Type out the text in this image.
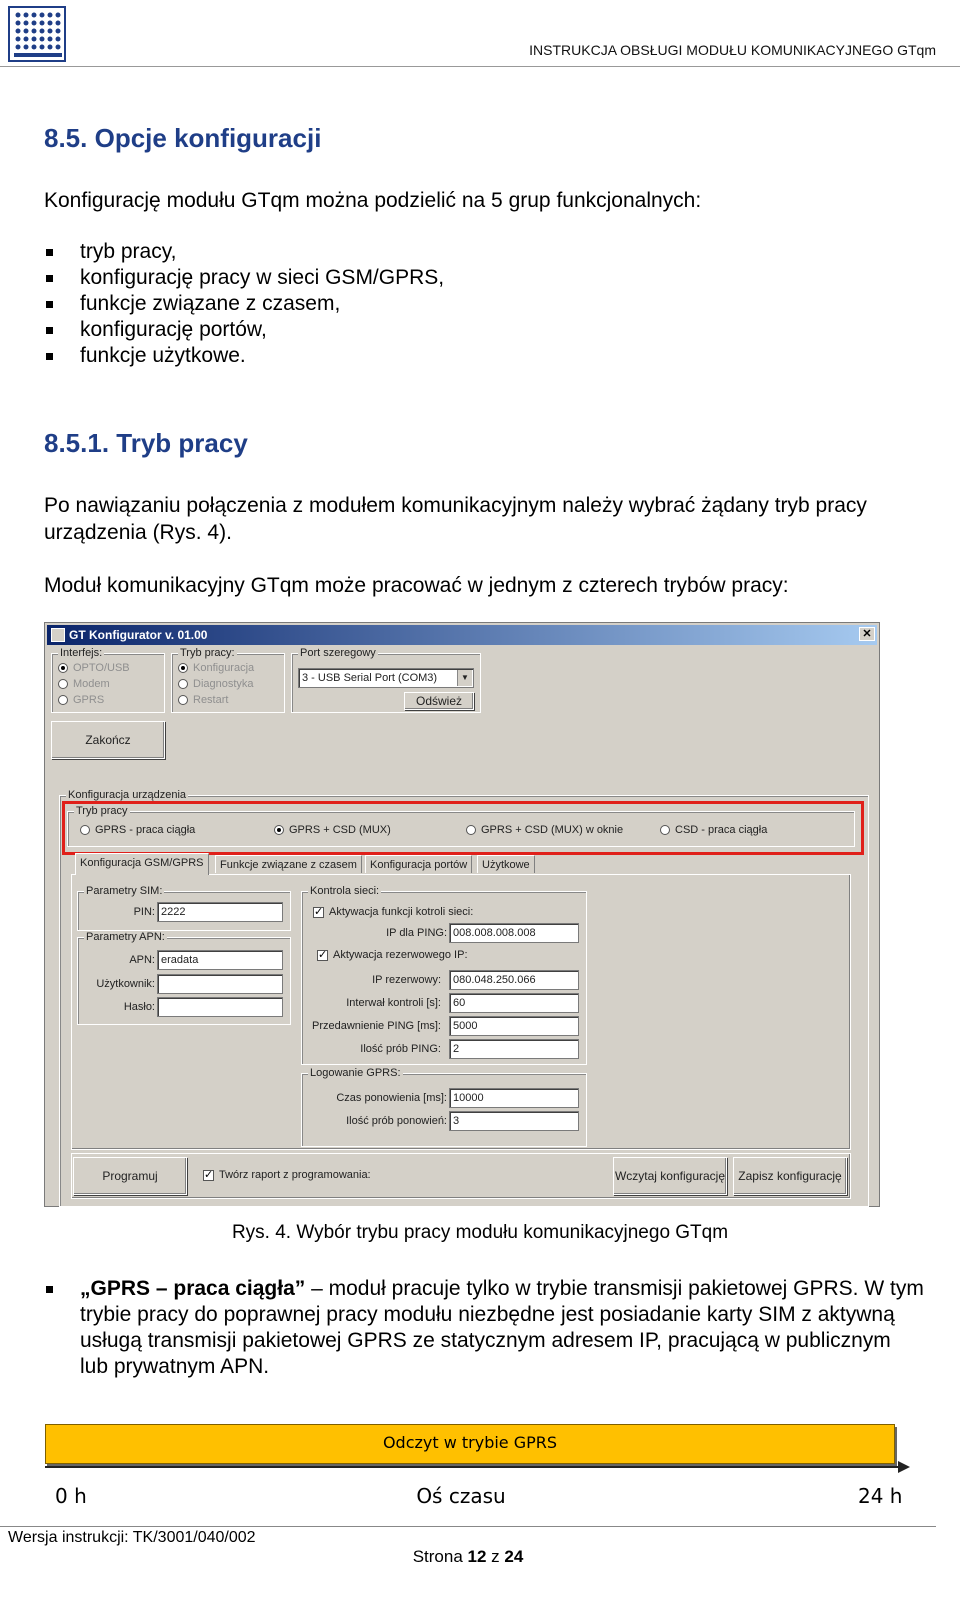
INSTRUKCJA OBSŁUGI MODUŁU KOMUNIKACYJNEGO GTqm
8.5. Opcje konfiguracji
Konfigurację modułu GTqm można podzielić na 5 grup funkcjonalnych:
tryb pracy,
konfigurację pracy w sieci GSM/GPRS,
funkcje związane z czasem,
konfigurację portów,
funkcje użytkowe.
8.5.1. Tryb pracy
Po nawiązaniu połączenia z modułem komunikacyjnym należy wybrać żądany tryb pracy urządzenia (Rys. 4).
Moduł komunikacyjny GTqm może pracować w jednym z czterech trybów pracy:
GT Konfigurator v. 01.00	✕
Interfejs:
OPTO/USB
Modem
GPRS
Tryb pracy:
Konfiguracja
Diagnostyka
Restart
Port szeregowy
3 - USB Serial Port (COM3)	▼
Odśwież
Zakończ
Konfiguracja urządzenia
Tryb pracy
GPRS - praca ciągła	GPRS + CSD (MUX)	GPRS + CSD (MUX) w oknie	CSD - praca ciągła
Konfiguracja GSM/GPRS	Funkcje związane z czasem	Konfiguracja portów	Użytkowe
Parametry SIM:
PIN: 2222
Parametry APN:
APN: eradata
Użytkownik:
Hasło:
Kontrola sieci:
✓
Aktywacja funkcji kotroli sieci:
IP dla PING: 008.008.008.008
✓
Aktywacja rezerwowego IP:
IP rezerwowy:	080.048.250.066
Interwał kontroli [s]:	60
Przedawnienie PING [ms]:	5000
Ilość prób PING:	2
Logowanie GPRS:
Czas ponowienia [ms]: 10000
Ilość prób ponowień: 3
Programuj ✓	Twórz raport z programowania:	Wczytaj konfigurację	Zapisz konfigurację
Rys. 4. Wybór trybu pracy modułu komunikacyjnego GTqm
„GPRS – praca ciągła” – moduł pracuje tylko w trybie transmisji pakietowej GPRS. W tym trybie pracy do poprawnej pracy modułu niezbędne jest posiadanie karty SIM z aktywną usługą transmisji pakietowej GPRS ze statycznym adresem IP, pracującą w publicznym lub prywatnym APN.
Odczyt w trybie GPRS
0 h	Oś czasu	24 h
Wersja instrukcji: TK/3001/040/002
Strona 12 z 24
